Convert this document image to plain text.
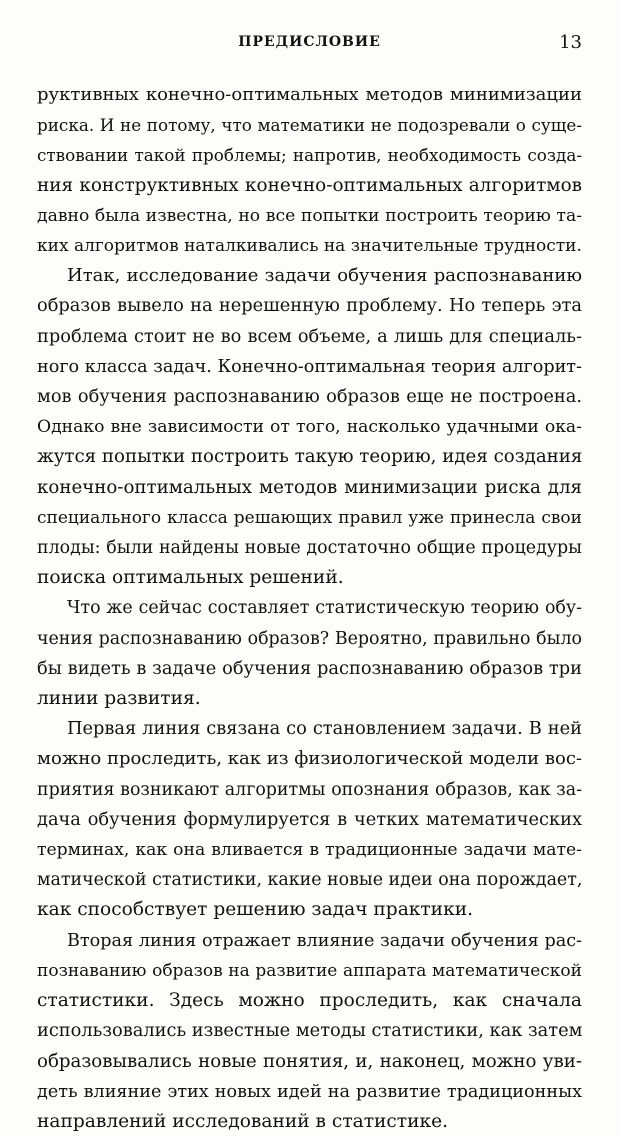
ПРЕДИСЛОВИЕ	13

руктивных конечно-оптимальных методов минимизации
риска. И не потому, что математики не подозревали о суще-
ствовании такой проблемы; напротив, необходимость созда-
ния конструктивных конечно-оптимальных алгоритмов
давно была известна, но все попытки построить теорию та-
ких алгоритмов наталкивались на значительные трудности.

Итак, исследование задачи обучения распознаванию
образов вывело на нерешенную проблему. Но теперь эта
проблема стоит не во всем объеме, а лишь для специаль-
ного класса задач. Конечно-оптимальная теория алгорит-
мов обучения распознаванию образов еще не построена.
Однако вне зависимости от того, насколько удачными ока-
жутся попытки построить такую теорию, идея создания
конечно-оптимальных методов минимизации риска для
специального класса решающих правил уже принесла свои
плоды: были найдены новые достаточно общие процедуры
поиска оптимальных решений.

Что же сейчас составляет статистическую теорию обу-
чения распознаванию образов? Вероятно, правильно было
бы видеть в задаче обучения распознаванию образов три
линии развития.

Первая линия связана со становлением задачи. В ней
можно проследить, как из физиологической модели вос-
приятия возникают алгоритмы опознания образов, как за-
дача обучения формулируется в четких математических
терминах, как она вливается в традиционные задачи мате-
матической статистики, какие новые идеи она порождает,
как способствует решению задач практики.

Вторая линия отражает влияние задачи обучения рас-
познаванию образов на развитие аппарата математической
статистики. Здесь можно проследить, как сначала
использовались известные методы статистики, как затем
образовывались новые понятия, и, наконец, можно уви-
деть влияние этих новых идей на развитие традиционных
направлений исследований в статистике.
